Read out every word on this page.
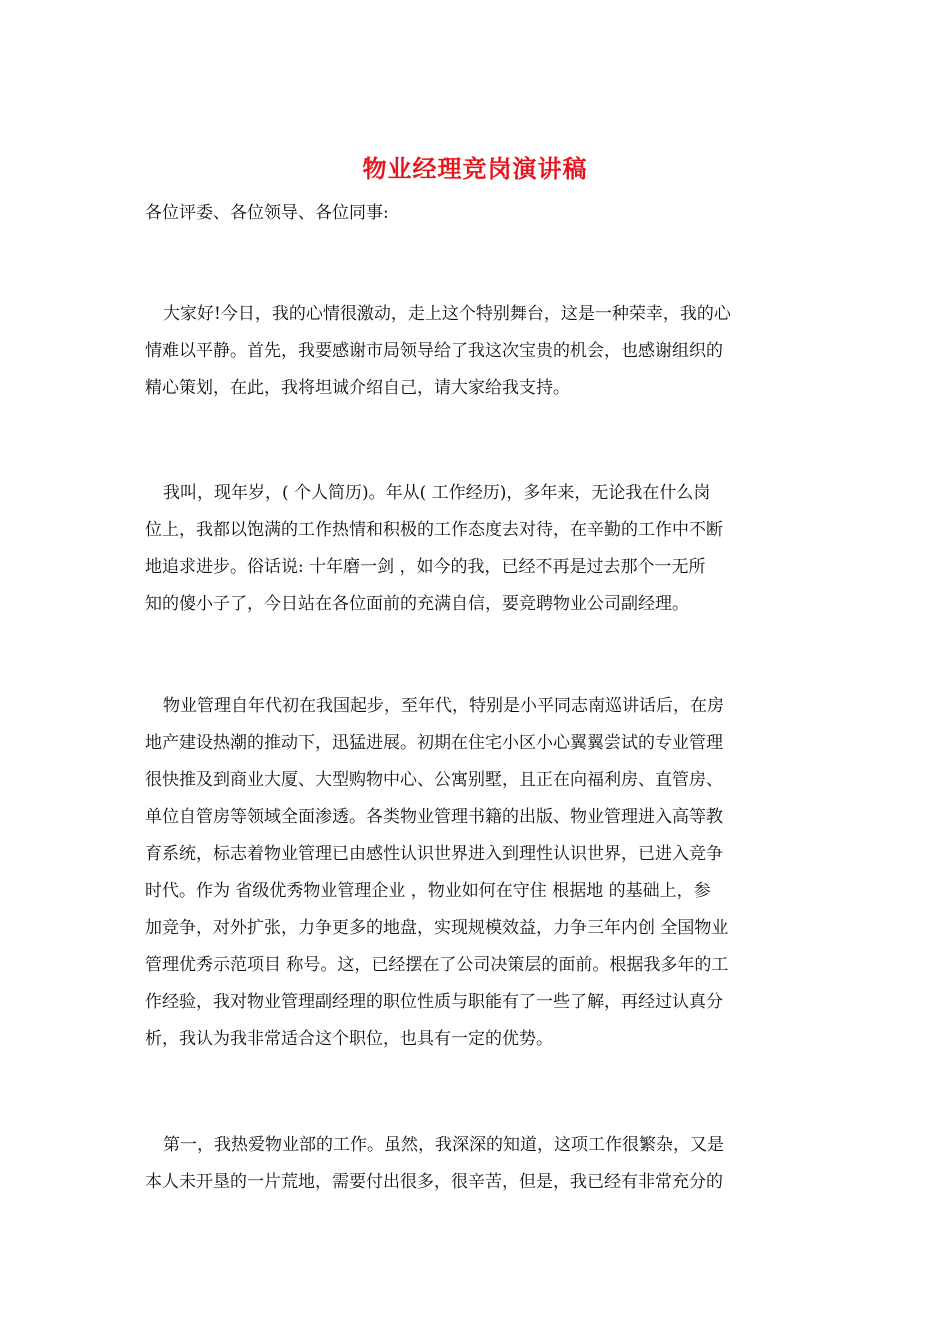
物业经理竞岗演讲稿
各位评委、各位领导、各位同事:
大家好!今日，我的心情很激动，走上这个特别舞台，这是一种荣幸，我的心
情难以平静。首先，我要感谢市局领导给了我这次宝贵的机会，也感谢组织的
精心策划，在此，我将坦诚介绍自己，请大家给我支持。
我叫，现年岁，( 个人简历)。年从( 工作经历)，多年来，无论我在什么岗
位上，我都以饱满的工作热情和积极的工作态度去对待，在辛勤的工作中不断
地追求进步。俗话说: 十年磨一剑 ，如今的我，已经不再是过去那个一无所
知的傻小子了，今日站在各位面前的充满自信，要竞聘物业公司副经理。
物业管理自年代初在我国起步，至年代，特别是小平同志南巡讲话后，在房
地产建设热潮的推动下，迅猛进展。初期在住宅小区小心翼翼尝试的专业管理
很快推及到商业大厦、大型购物中心、公寓别墅，且正在向福利房、直管房、
单位自管房等领域全面渗透。各类物业管理书籍的出版、物业管理进入高等教
育系统，标志着物业管理已由感性认识世界进入到理性认识世界，已进入竞争
时代。作为 省级优秀物业管理企业 ，物业如何在守住 根据地 的基础上，参
加竞争，对外扩张，力争更多的地盘，实现规模效益，力争三年内创 全国物业
管理优秀示范项目 称号。这，已经摆在了公司决策层的面前。根据我多年的工
作经验，我对物业管理副经理的职位性质与职能有了一些了解，再经过认真分
析，我认为我非常适合这个职位，也具有一定的优势。
第一，我热爱物业部的工作。虽然，我深深的知道，这项工作很繁杂，又是
本人未开垦的一片荒地，需要付出很多，很辛苦，但是，我已经有非常充分的
